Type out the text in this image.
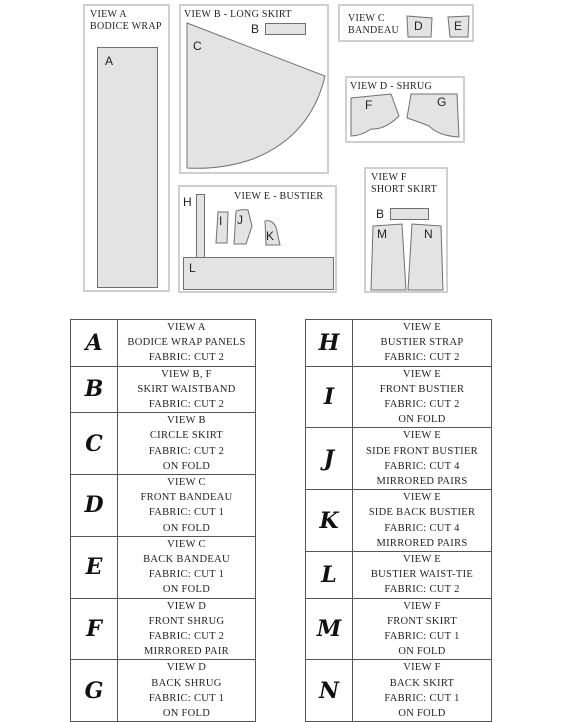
VIEW A
BODICE WRAP
A
VIEW B - LONG SKIRT
C
B
VIEW C
BANDEAU D	E
VIEW D - SHRUG
F	G
VIEW E - BUSTIER
H
I J
K
L
VIEW F
SHORT SKIRT
B
M	N
A	VIEW A
BODICE WRAP PANELS
FABRIC: CUT 2

B	VIEW B, F
SKIRT WAISTBAND
FABRIC: CUT 2

C	VIEW B
CIRCLE SKIRT
FABRIC: CUT 2
ON FOLD

D	VIEW C
FRONT BANDEAU
FABRIC: CUT 1
ON FOLD

E	VIEW C
BACK BANDEAU
FABRIC: CUT 1
ON FOLD

F	VIEW D
FRONT SHRUG
FABRIC: CUT 2
MIRRORED PAIR

G	VIEW D
BACK SHRUG
FABRIC: CUT 1
ON FOLD
H	VIEW E
BUSTIER STRAP
FABRIC: CUT 2

I	VIEW E
FRONT BUSTIER
FABRIC: CUT 2
ON FOLD

J	VIEW E
SIDE FRONT BUSTIER
FABRIC: CUT 4
MIRRORED PAIRS

K	VIEW E
SIDE BACK BUSTIER
FABRIC: CUT 4
MIRRORED PAIRS

L	VIEW E
BUSTIER WAIST-TIE
FABRIC: CUT 2

M	VIEW F
FRONT SKIRT
FABRIC: CUT 1
ON FOLD

N	VIEW F
BACK SKIRT
FABRIC: CUT 1
ON FOLD
